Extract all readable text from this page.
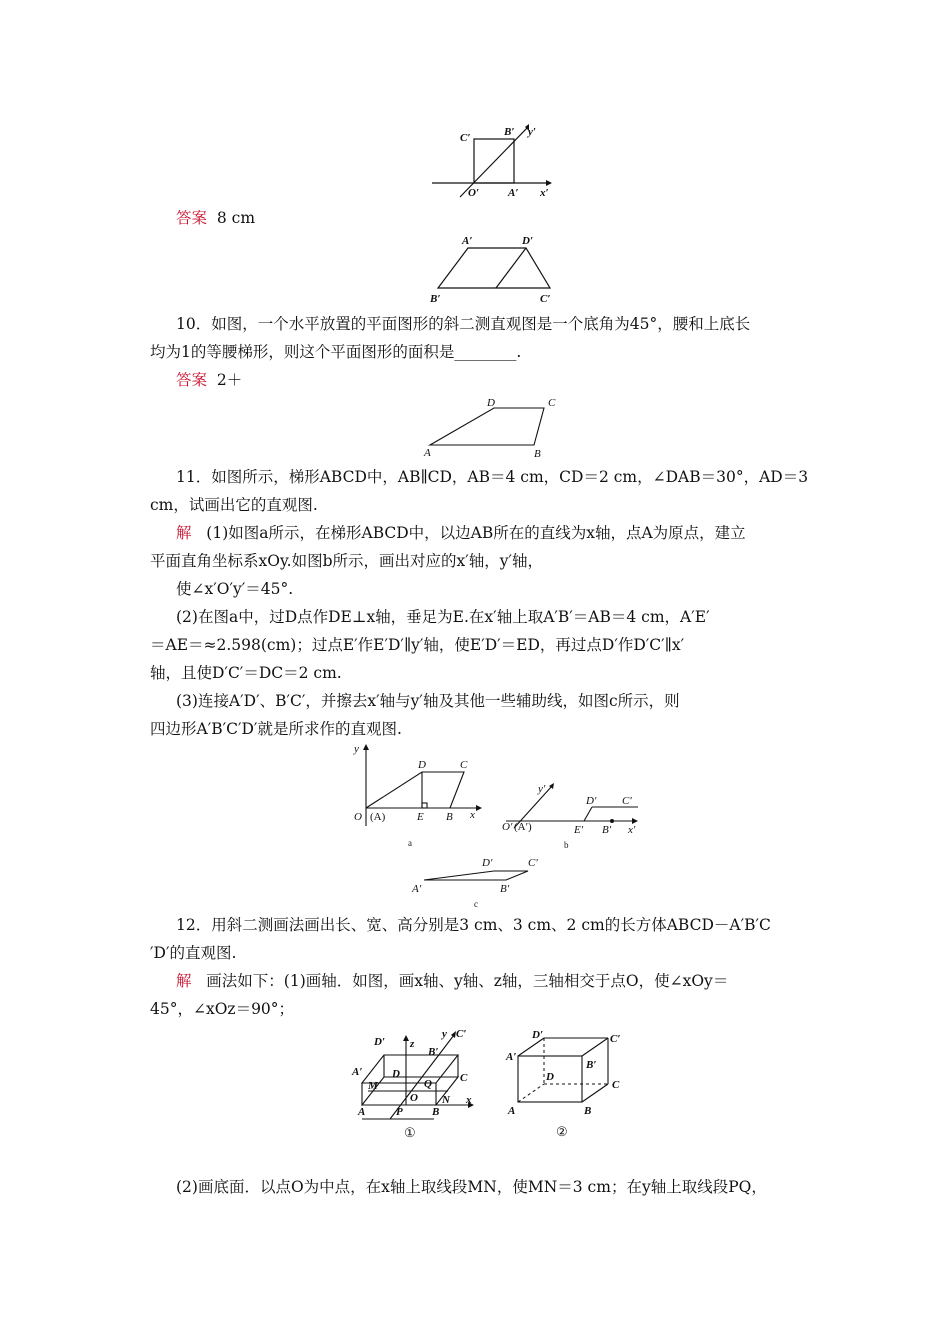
C′	B′ y′
O′	A′ x′
答案 8 cm
A′	D′
B′	C′
10．如图，一个水平放置的平面图形的斜二测直观图是一个底角为45°，腰和上底长
均为1的等腰梯形，则这个平面图形的面积是________.
答案 2＋
D	C
A	B
11．如图所示，梯形ABCD中，AB∥CD，AB＝4 cm，CD＝2 cm，∠DAB＝30°，AD＝3
cm，试画出它的直观图.
解 (1)如图a所示，在梯形ABCD中，以边AB所在的直线为x轴，点A为原点，建立
平面直角坐标系xOy.如图b所示，画出对应的x′轴，y′轴，
使∠x′O′y′＝45°.
(2)在图a中，过D点作DE⊥x轴，垂足为E.在x′轴上取A′B′＝AB＝4 cm，A′E′
＝AE＝≈2.598(cm)；过点E′作E′D′∥y′轴，使E′D′＝ED，再过点D′作D′C′∥x′
轴，且使D′C′＝DC＝2 cm.
(3)连接A′D′、B′C′，并擦去x′轴与y′轴及其他一些辅助线，如图c所示，则
四边形A′B′C′D′就是所求作的直观图.
y
D	C
O (A)	E B x
a
y′
D′ C′
O′ (A′)	E′ B′ x′
b
D′	C′
A′	B′
c
12．用斜二测画法画出长、宽、高分别是3 cm、3 cm、2 cm的长方体ABCD－A′B′C
′D′的直观图.
解 画法如下：(1)画轴．如图，画x轴、y轴、z轴，三轴相交于点O，使∠xOy＝
45°，∠xOz＝90°；
D′ z
y C′
B′
A′
M
D
Q	C
O N x
A	P	B
①
D′	C′
A′
B′
D
C
A	B
②
(2)画底面．以点O为中点，在x轴上取线段MN，使MN＝3 cm；在y轴上取线段PQ，
